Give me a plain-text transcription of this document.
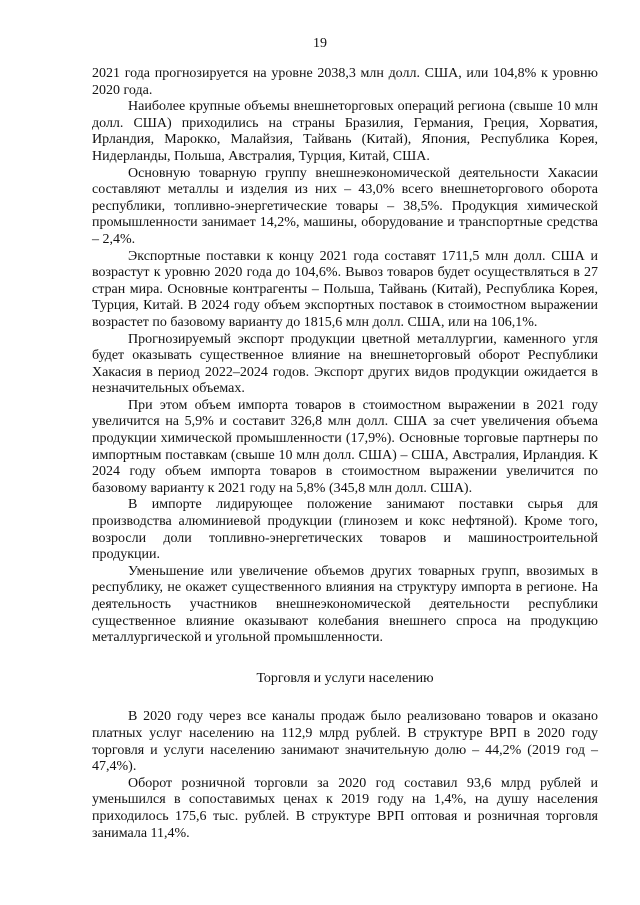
19

2021 года прогнозируется на уровне 2038,3 млн долл. США, или 104,8% к уровню 2020 года.

Наиболее крупные объемы внешнеторговых операций региона (свыше 10 млн долл. США) приходились на страны Бразилия, Германия, Греция, Хорватия, Ирландия, Марокко, Малайзия, Тайвань (Китай), Япония, Республика Корея, Нидерланды, Польша, Австралия, Турция, Китай, США.

Основную товарную группу внешнеэкономической деятельности Хакасии составляют металлы и изделия из них – 43,0% всего внешнеторгового оборота республики, топливно-энергетические товары – 38,5%. Продукция химической промышленности занимает 14,2%, машины, оборудование и транспортные средства – 2,4%.

Экспортные поставки к концу 2021 года составят 1711,5 млн долл. США и возрастут к уровню 2020 года до 104,6%. Вывоз товаров будет осуществляться в 27 стран мира. Основные контрагенты – Польша, Тайвань (Китай), Республика Корея, Турция, Китай. В 2024 году объем экспортных поставок в стоимостном выражении возрастет по базовому варианту до 1815,6 млн долл. США, или на 106,1%.

Прогнозируемый экспорт продукции цветной металлургии, каменного угля будет оказывать существенное влияние на внешнеторговый оборот Республики Хакасия в период 2022–2024 годов. Экспорт других видов продукции ожидается в незначительных объемах.

При этом объем импорта товаров в стоимостном выражении в 2021 году увеличится на 5,9% и составит 326,8 млн долл. США за счет увеличения объема продукции химической промышленности (17,9%). Основные торговые партнеры по импортным поставкам (свыше 10 млн долл. США) – США, Австралия, Ирландия. К 2024 году объем импорта товаров в стоимостном выражении увеличится по базовому варианту к 2021 году на 5,8% (345,8 млн долл. США).

В импорте лидирующее положение занимают поставки сырья для производства алюминиевой продукции (глинозем и кокс нефтяной). Кроме того, возросли доли топливно-энергетических товаров и машиностроительной продукции.

Уменьшение или увеличение объемов других товарных групп, ввозимых в республику, не окажет существенного влияния на структуру импорта в регионе. На деятельность участников внешнеэкономической деятельности республики существенное влияние оказывают колебания внешнего спроса на продукцию металлургической и угольной промышленности.

Торговля и услуги населению

В 2020 году через все каналы продаж было реализовано товаров и оказано платных услуг населению на 112,9 млрд рублей. В структуре ВРП в 2020 году торговля и услуги населению занимают значительную долю – 44,2% (2019 год – 47,4%).

Оборот розничной торговли за 2020 год составил 93,6 млрд рублей и уменьшился в сопоставимых ценах к 2019 году на 1,4%, на душу населения приходилось 175,6 тыс. рублей. В структуре ВРП оптовая и розничная торговля занимала 11,4%.
